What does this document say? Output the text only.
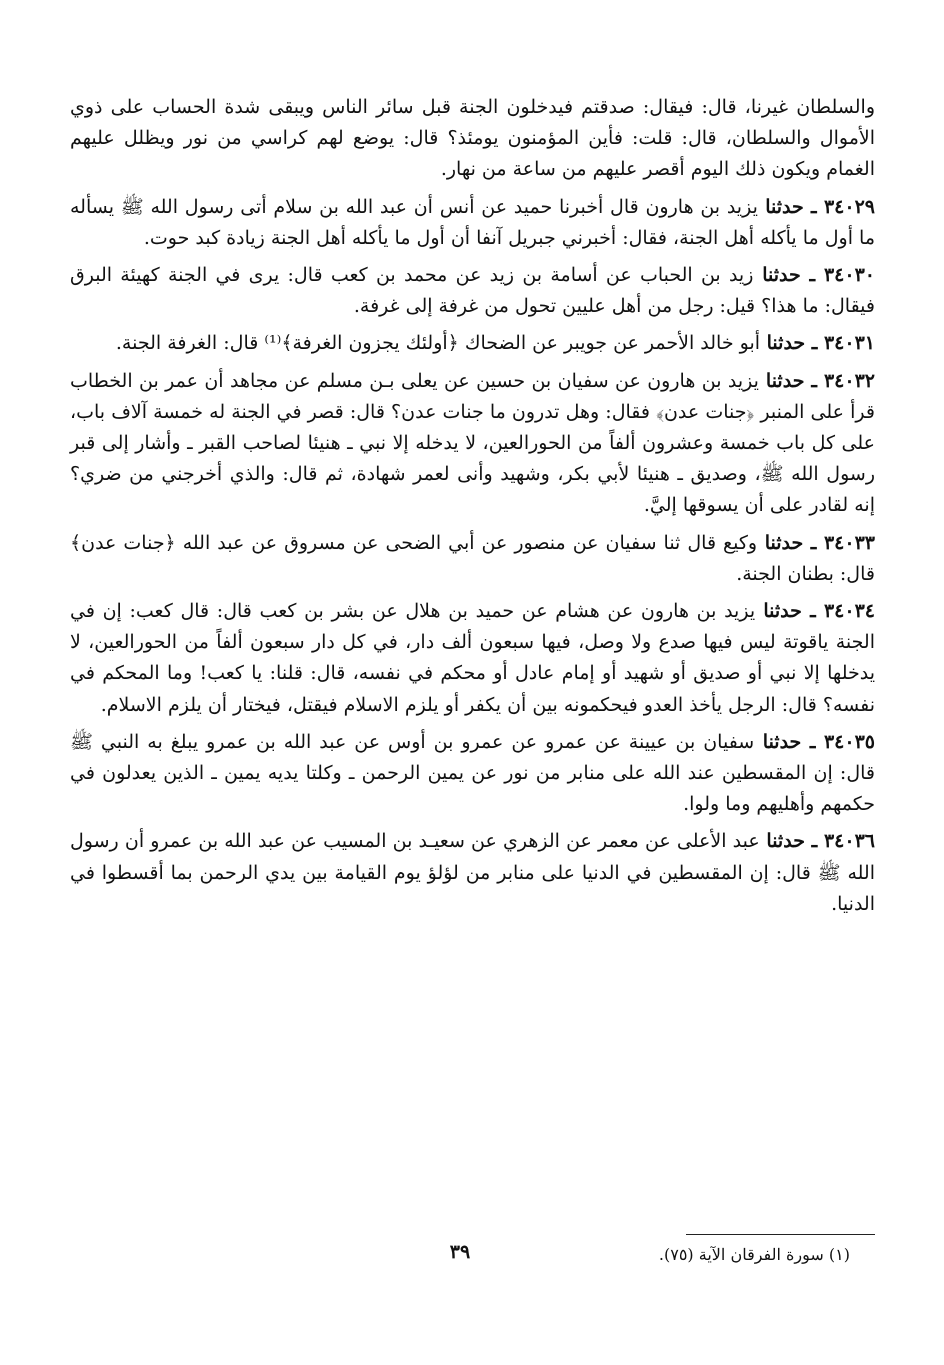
والسلطان غيرنا، قال: فيقال: صدقتم فيدخلون الجنة قبل سائر الناس ويبقى شدة الحساب على ذوي الأموال والسلطان، قال: قلت: فأين المؤمنون يومئذ؟ قال: يوضع لهم كراسي من نور ويظلل عليهم الغمام ويكون ذلك اليوم أقصر عليهم من ساعة من نهار.

٣٤٠٢٩ ـ حدثنا يزيد بن هارون قال أخبرنا حميد عن أنس أن عبد الله بن سلام أتى رسول الله ﷺ يسأله ما أول ما يأكله أهل الجنة، فقال: أخبرني جبريل آنفا أن أول ما يأكله أهل الجنة زيادة كبد حوت.

٣٤٠٣٠ ـ حدثنا زيد بن الحباب عن أسامة بن زيد عن محمد بن كعب قال: يرى في الجنة كهيئة البرق فيقال: ما هذا؟ قيل: رجل من أهل عليين تحول من غرفة إلى غرفة.

٣٤٠٣١ ـ حدثنا أبو خالد الأحمر عن جويبر عن الضحاك ﴿أولئك يجزون الغرفة﴾⁽¹⁾ قال: الغرفة الجنة.

٣٤٠٣٢ ـ حدثنا يزيد بن هارون عن سفيان بن حسين عن يعلى بـن مسلم عن مجاهد أن عمر بن الخطاب قرأ على المنبر ﴿جنات عدن﴾ فقال: وهل تدرون ما جنات عدن؟ قال: قصر في الجنة له خمسة آلاف باب، على كل باب خمسة وعشرون ألفاً من الحورالعين، لا يدخله إلا نبي ـ هنيئا لصاحب القبر ـ وأشار إلى قبر رسول الله ﷺ، وصديق ـ هنيئا لأبي بكر، وشهيد وأنى لعمر شهادة، ثم قال: والذي أخرجني من ضري؟ إنه لقادر على أن يسوقها إليَّ.

٣٤٠٣٣ ـ حدثنا وكيع قال ثنا سفيان عن منصور عن أبي الضحى عن مسروق عن عبد الله ﴿جنات عدن﴾ قال: بطنان الجنة.

٣٤٠٣٤ ـ حدثنا يزيد بن هارون عن هشام عن حميد بن هلال عن بشر بن كعب قال: قال كعب: إن في الجنة ياقوتة ليس فيها صدع ولا وصل، فيها سبعون ألف دار، في كل دار سبعون ألفاً من الحورالعين، لا يدخلها إلا نبي أو صديق أو شهيد أو إمام عادل أو محكم في نفسه، قال: قلنا: يا كعب! وما المحكم في نفسه؟ قال: الرجل يأخذ العدو فيحكمونه بين أن يكفر أو يلزم الاسلام فيقتل، فيختار أن يلزم الاسلام.

٣٤٠٣٥ ـ حدثنا سفيان بن عيينة عن عمرو عن عمرو بن أوس عن عبد الله بن عمرو يبلغ به النبي ﷺ قال: إن المقسطين عند الله على منابر من نور عن يمين الرحمن ـ وكلتا يديه يمين ـ الذين يعدلون في حكمهم وأهليهم وما ولوا.

٣٤٠٣٦ ـ حدثنا عبد الأعلى عن معمر عن الزهري عن سعيـد بن المسيب عن عبد الله بن عمرو أن رسول الله ﷺ قال: إن المقسطين في الدنيا على منابر من لؤلؤ يوم القيامة بين يدي الرحمن بما أقسطوا في الدنيا.

(١) سورة الفرقان الآية (٧٥).
٣٩
